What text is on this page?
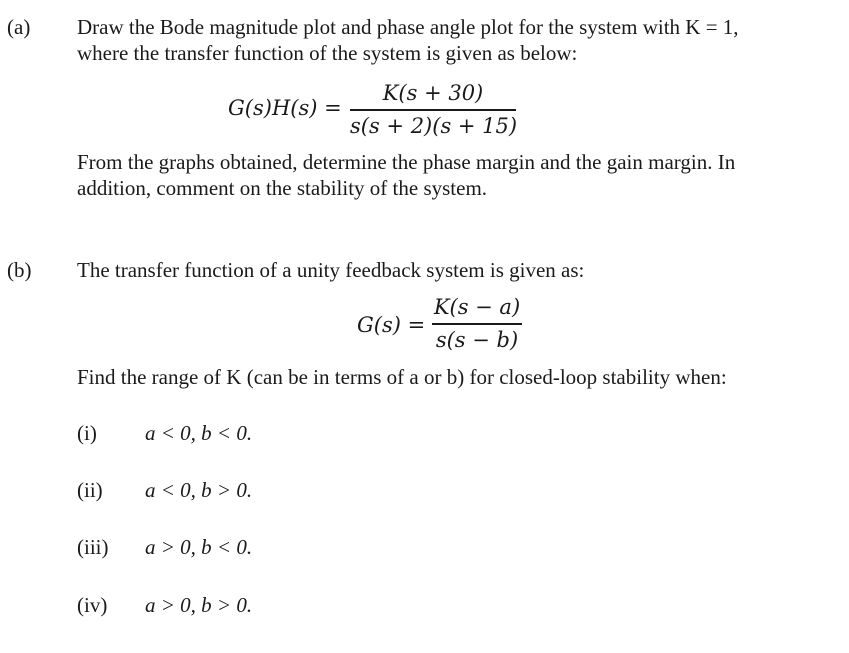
(a) Draw the Bode magnitude plot and phase angle plot for the system with K = 1,
where the transfer function of the system is given as below:
G(s)H(s) =
K(s + 30)
s(s + 2)(s + 15)
From the graphs obtained, determine the phase margin and the gain margin. In
addition, comment on the stability of the system.
(b) The transfer function of a unity feedback system is given as:
G(s) =
K(s − a)
s(s − b)
Find the range of K (can be in terms of a or b) for closed-loop stability when:
(i) a < 0, b < 0.
(ii) a < 0, b > 0.
(iii) a > 0, b < 0.
(iv) a > 0, b > 0.
